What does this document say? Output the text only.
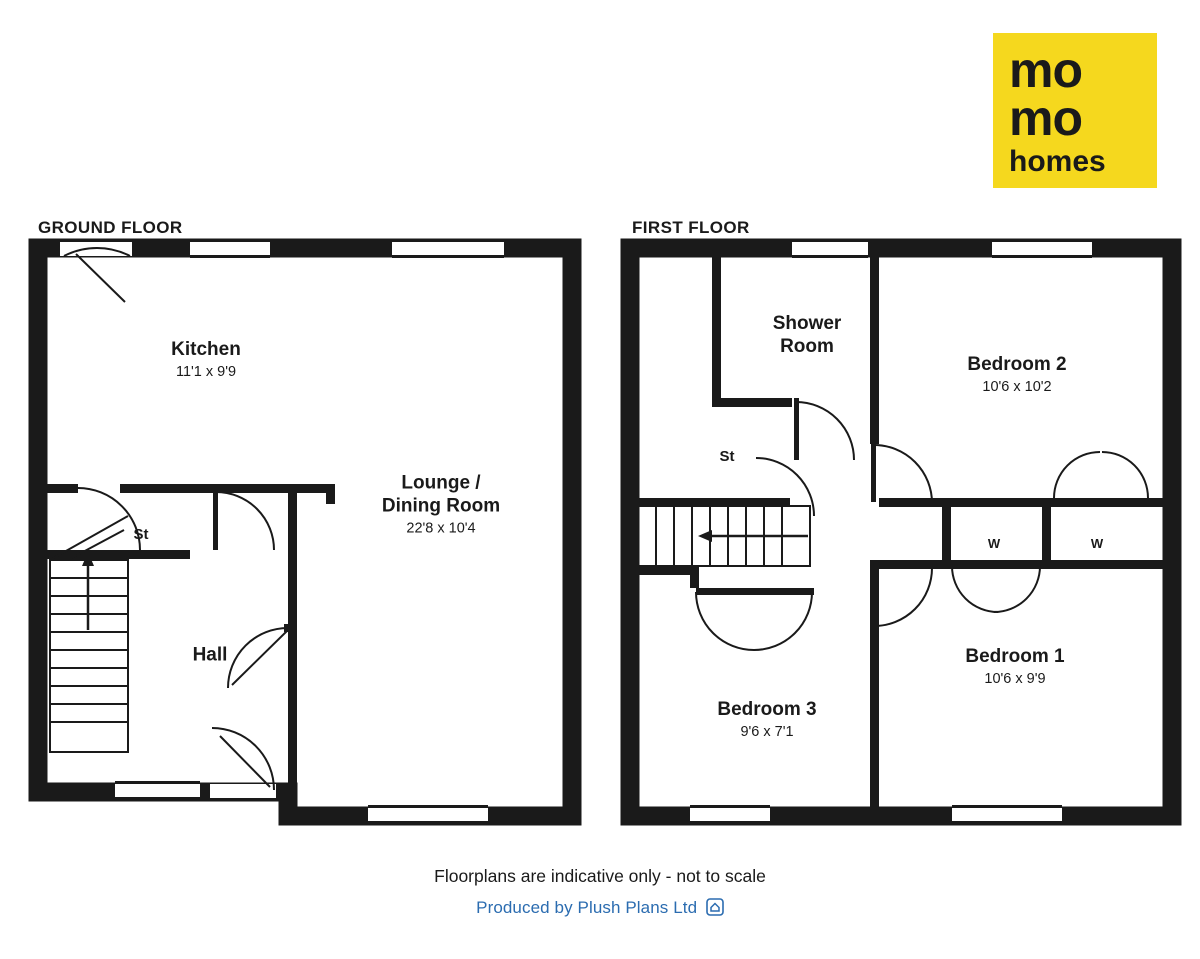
mo
mo
homes
GROUND FLOOR	FIRST FLOOR
Kitchen
11'1 x 9'9
Lounge /
Dining Room
22'8 x 10'4
Hall
St
Shower
Room
Bedroom 2
10'6 x 10'2
Bedroom 1
10'6 x 9'9
Bedroom 3
9'6 x 7'1
St
W	W
Floorplans are indicative only - not to scale
Produced by Plush Plans Ltd
